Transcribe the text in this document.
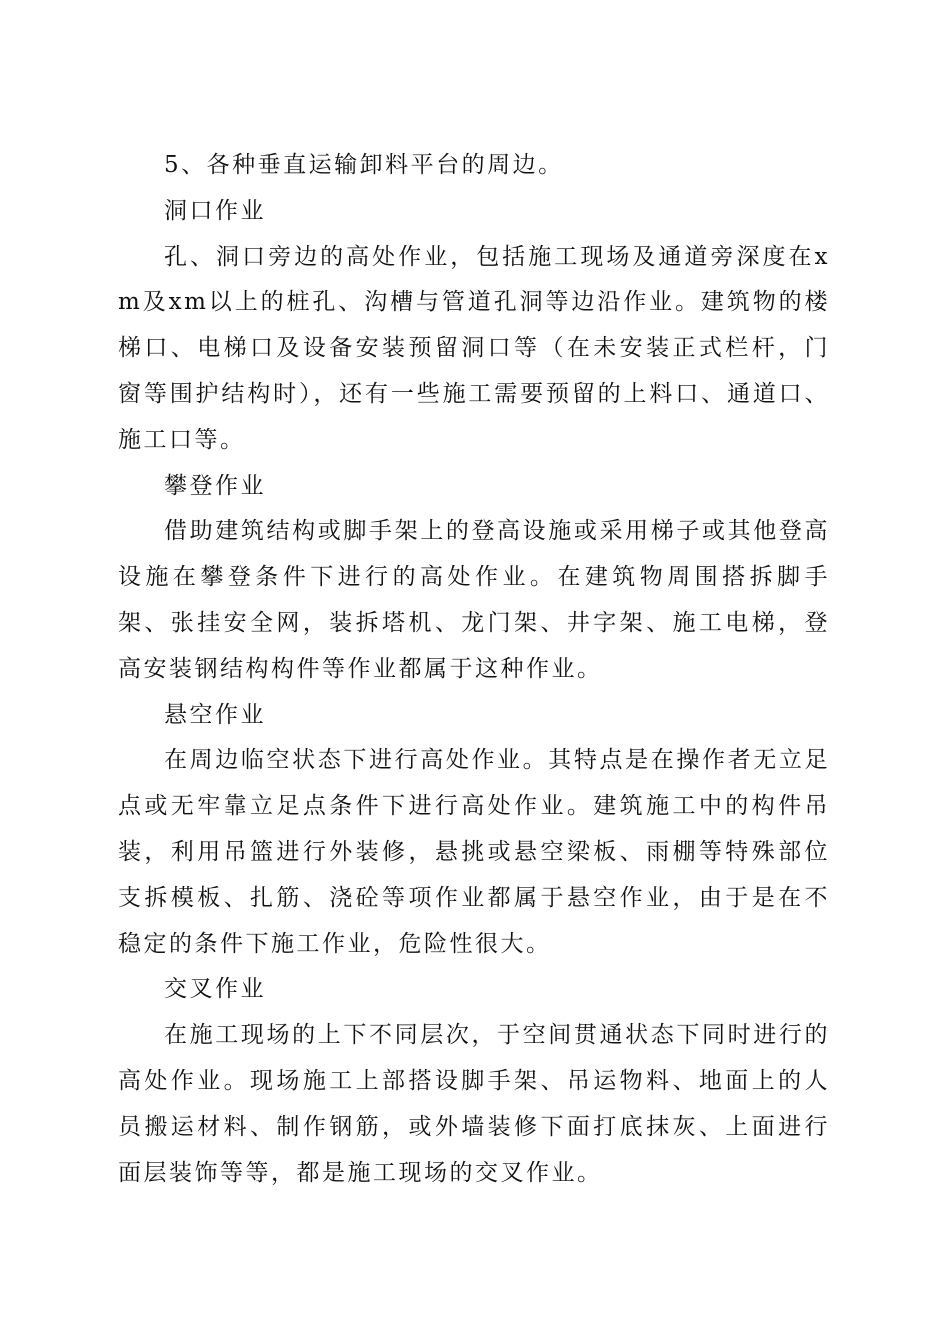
5、各种垂直运输卸料平台的周边。

洞口作业

孔、洞口旁边的高处作业，包括施工现场及通道旁深度在xm及xm以上的桩孔、沟槽与管道孔洞等边沿作业。建筑物的楼梯口、电梯口及设备安装预留洞口等（在未安装正式栏杆，门窗等围护结构时），还有一些施工需要预留的上料口、通道口、施工口等。

攀登作业

借助建筑结构或脚手架上的登高设施或采用梯子或其他登高设施在攀登条件下进行的高处作业。在建筑物周围搭拆脚手架、张挂安全网，装拆塔机、龙门架、井字架、施工电梯，登高安装钢结构构件等作业都属于这种作业。

悬空作业

在周边临空状态下进行高处作业。其特点是在操作者无立足点或无牢靠立足点条件下进行高处作业。建筑施工中的构件吊装，利用吊篮进行外装修，悬挑或悬空梁板、雨棚等特殊部位支拆模板、扎筋、浇砼等项作业都属于悬空作业，由于是在不稳定的条件下施工作业，危险性很大。

交叉作业

在施工现场的上下不同层次，于空间贯通状态下同时进行的高处作业。现场施工上部搭设脚手架、吊运物料、地面上的人员搬运材料、制作钢筋，或外墙装修下面打底抹灰、上面进行面层装饰等等，都是施工现场的交叉作业。
